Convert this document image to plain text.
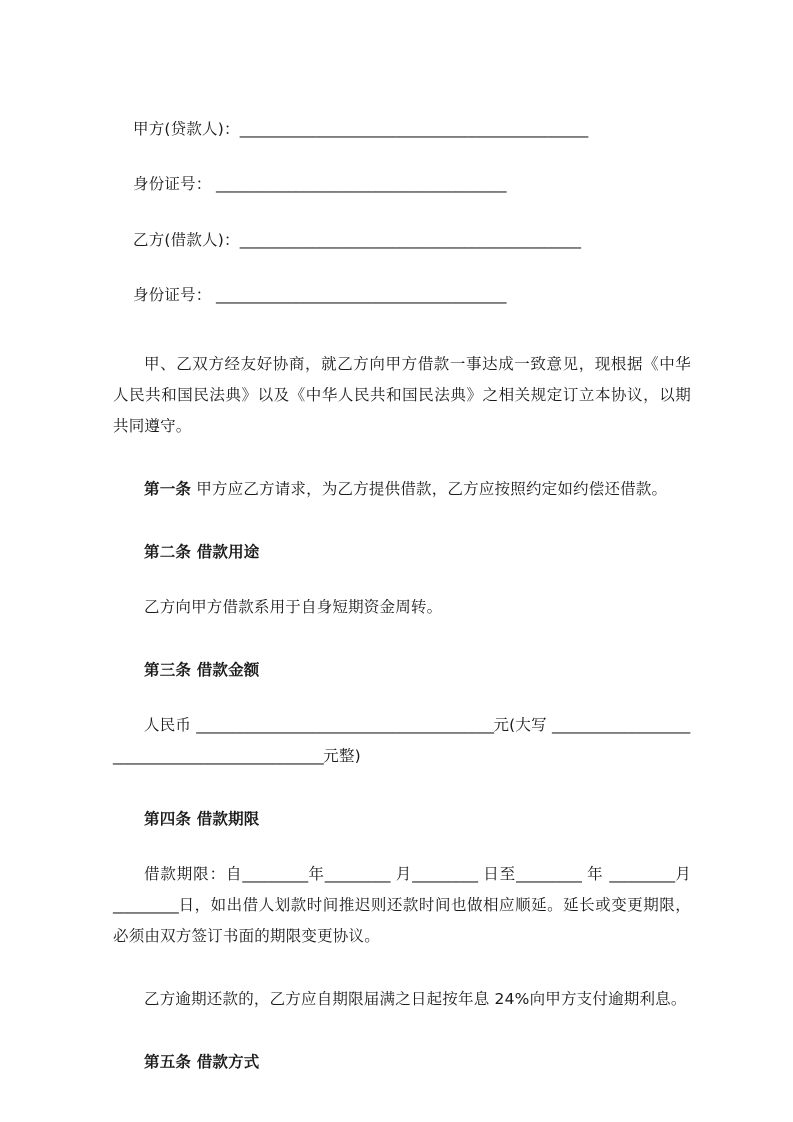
甲方(贷款人)：________________________________________________

身份证号： ________________________________________

乙方(借款人)：_______________________________________________

身份证号： ________________________________________

甲、乙双方经友好协商，就乙方向甲方借款一事达成一致意见，现根据《中华人民共和国民法典》以及《中华人民共和国民法典》之相关规定订立本协议，以期共同遵守。

第一条 甲方应乙方请求，为乙方提供借款，乙方应按照约定如约偿还借款。

第二条 借款用途

乙方向甲方借款系用于自身短期资金周转。

第三条 借款金额

人民币 _________________________________________元(大写 ________________________________________________元整)

第四条 借款期限

借款期限：自_________年_________ 月_________ 日至_________ 年 _________月 _________日，如出借人划款时间推迟则还款时间也做相应顺延。延长或变更期限，必须由双方签订书面的期限变更协议。

乙方逾期还款的，乙方应自期限届满之日起按年息 24%向甲方支付逾期利息。

第五条 借款方式
